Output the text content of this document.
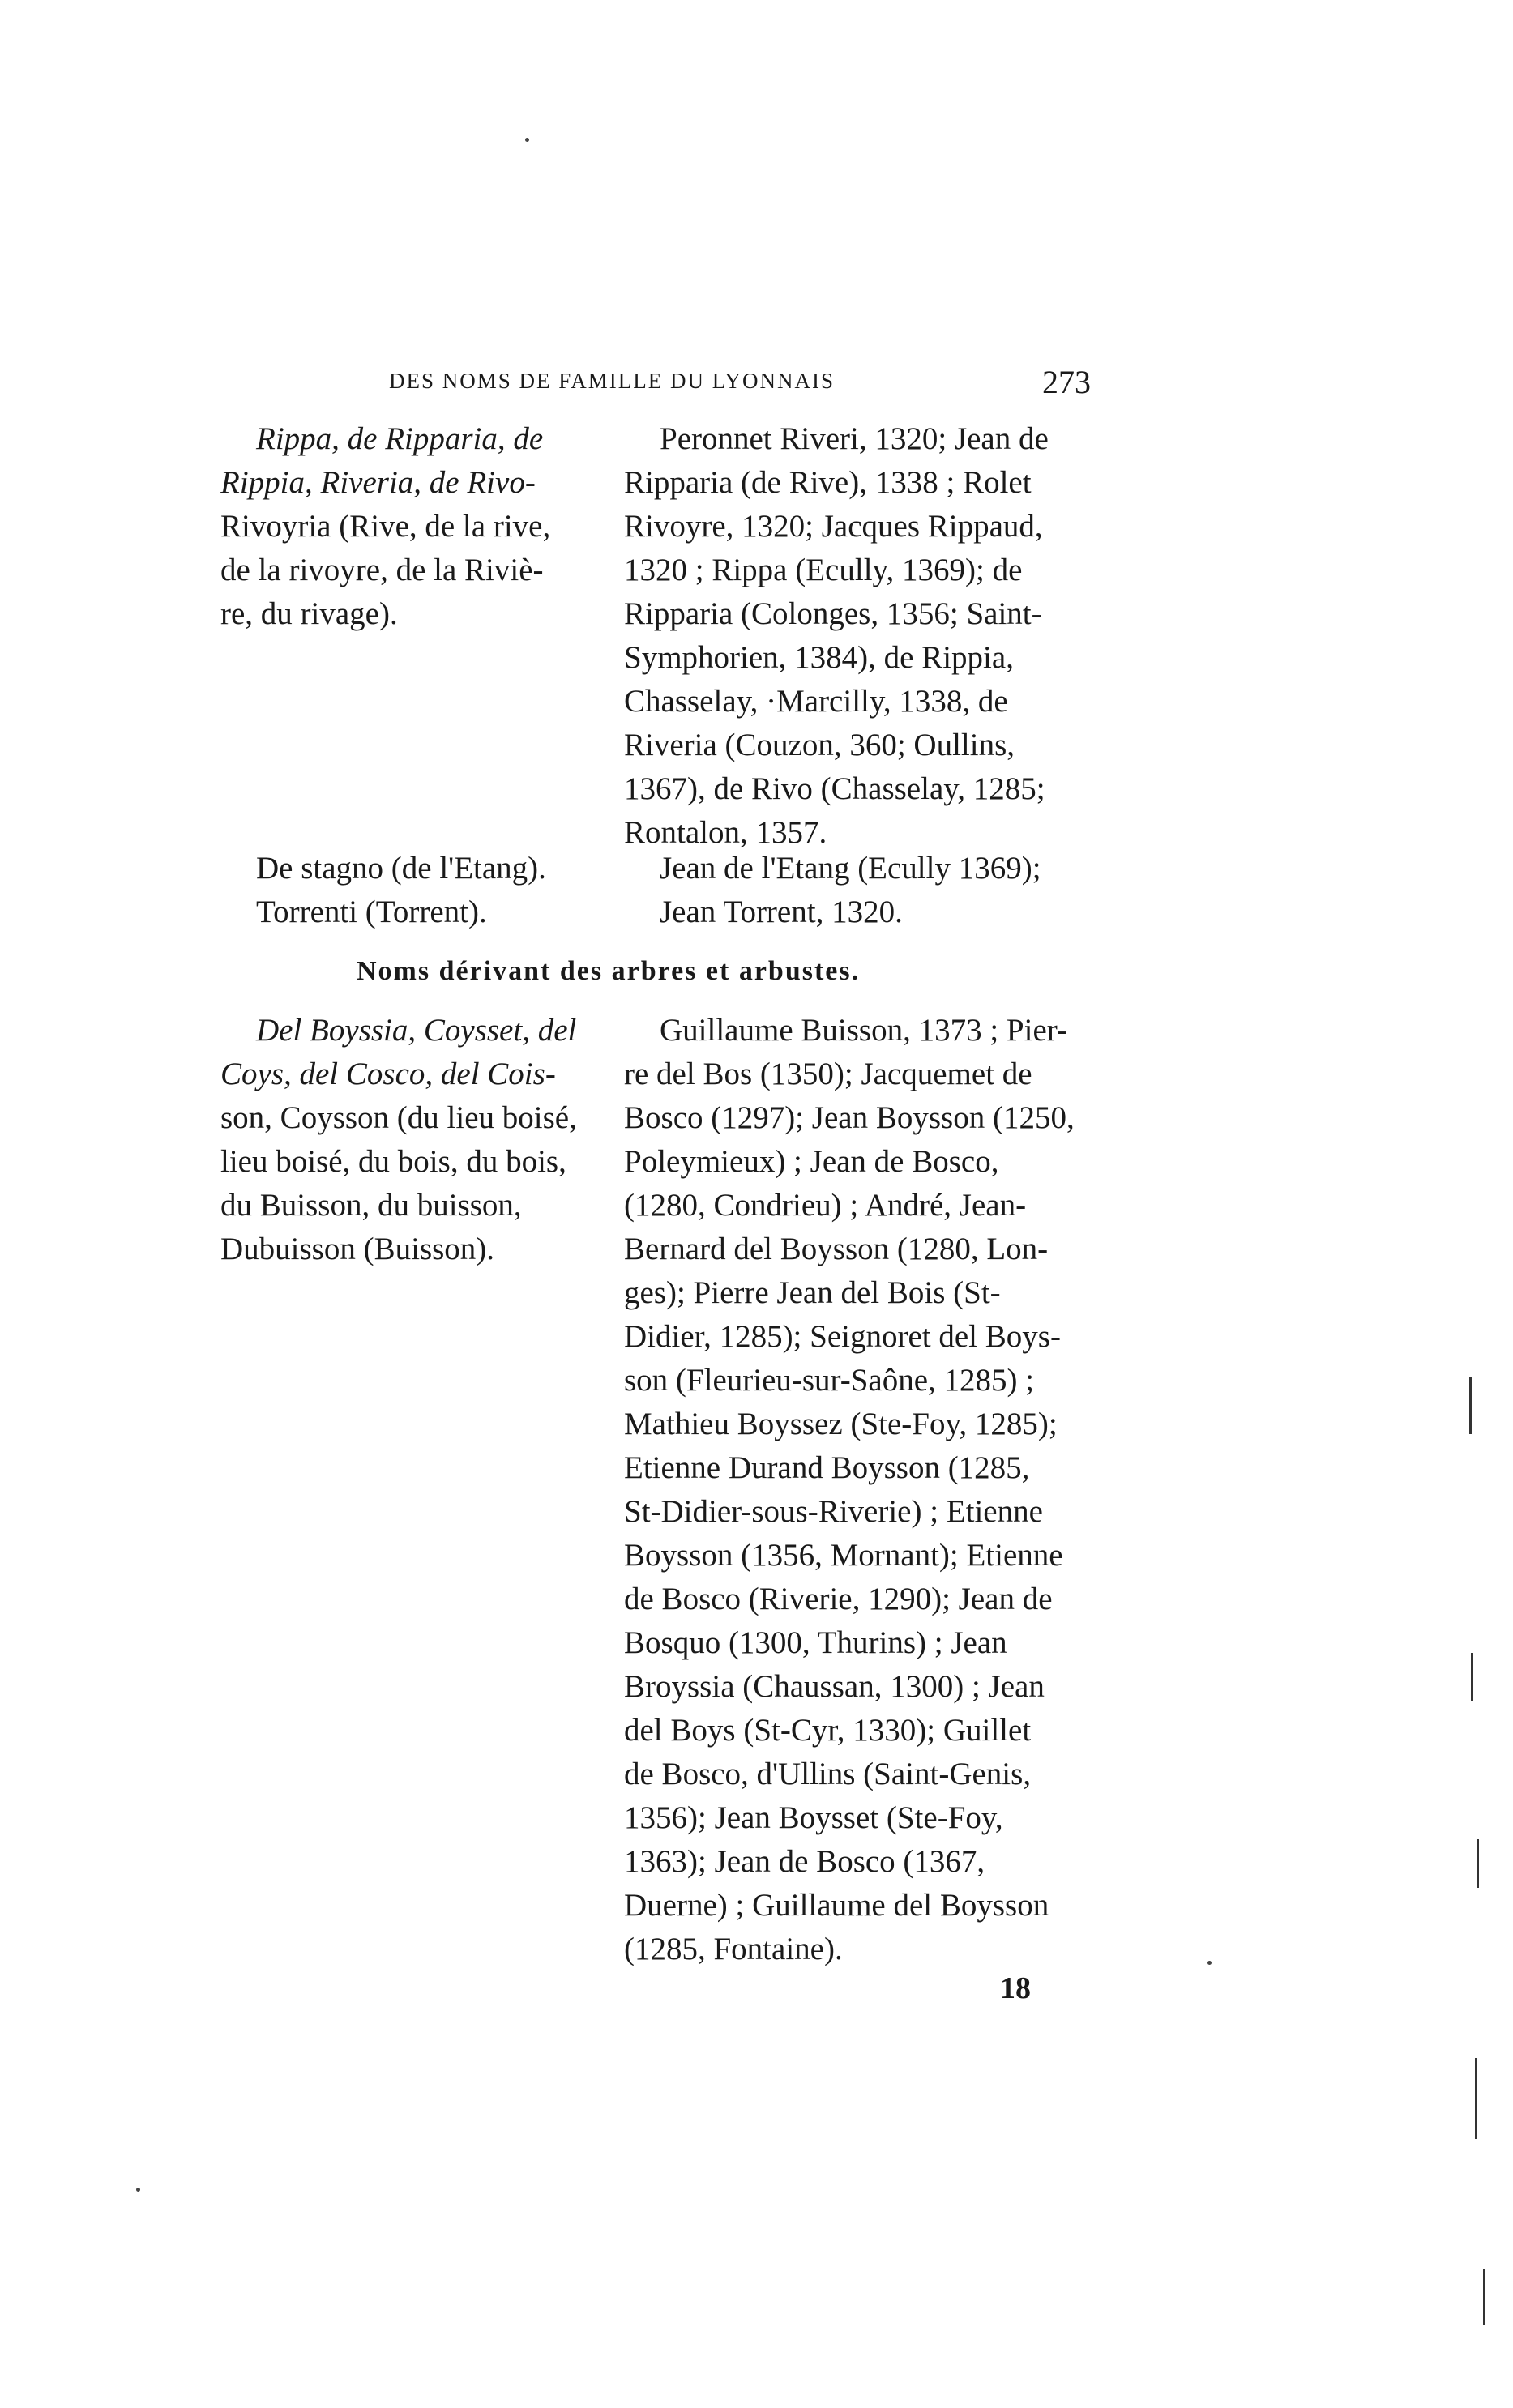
DES NOMS DE FAMILLE DU LYONNAIS	273
Rippa, de Ripparia, de
Rippia, Riveria, de Rivo-
Rivoyria (Rive, de la rive,
de la rivoyre, de la Riviè-
re, du rivage).
Peronnet Riveri, 1320; Jean de
Ripparia (de Rive), 1338 ; Rolet
Rivoyre, 1320; Jacques Rippaud,
1320 ; Rippa (Ecully, 1369); de
Ripparia (Colonges, 1356; Saint-
Symphorien, 1384), de Rippia,
Chasselay, ·Marcilly, 1338, de
Riveria (Couzon, 360; Oullins,
1367), de Rivo (Chasselay, 1285;
Rontalon, 1357.
De stagno (de l'Etang).
Torrenti (Torrent).
Jean de l'Etang (Ecully 1369);
Jean Torrent, 1320.
Noms dérivant des arbres et arbustes.
Del Boyssia, Coysset, del
Coys, del Cosco, del Cois-
son, Coysson (du lieu boisé,
lieu boisé, du bois, du bois,
du Buisson, du buisson,
Dubuisson (Buisson).
Guillaume Buisson, 1373 ; Pier-
re del Bos (1350); Jacquemet de
Bosco (1297); Jean Boysson (1250,
Poleymieux) ; Jean de Bosco,
(1280, Condrieu) ; André, Jean-
Bernard del Boysson (1280, Lon-
ges); Pierre Jean del Bois (St-
Didier, 1285); Seignoret del Boys-
son (Fleurieu-sur-Saône, 1285) ;
Mathieu Boyssez (Ste-Foy, 1285);
Etienne Durand Boysson (1285,
St-Didier-sous-Riverie) ; Etienne
Boysson (1356, Mornant); Etienne
de Bosco (Riverie, 1290); Jean de
Bosquo (1300, Thurins) ; Jean
Broyssia (Chaussan, 1300) ; Jean
del Boys (St-Cyr, 1330); Guillet
de Bosco, d'Ullins (Saint-Genis,
1356); Jean Boysset (Ste-Foy,
1363); Jean de Bosco (1367,
Duerne) ; Guillaume del Boysson
(1285, Fontaine).
18
